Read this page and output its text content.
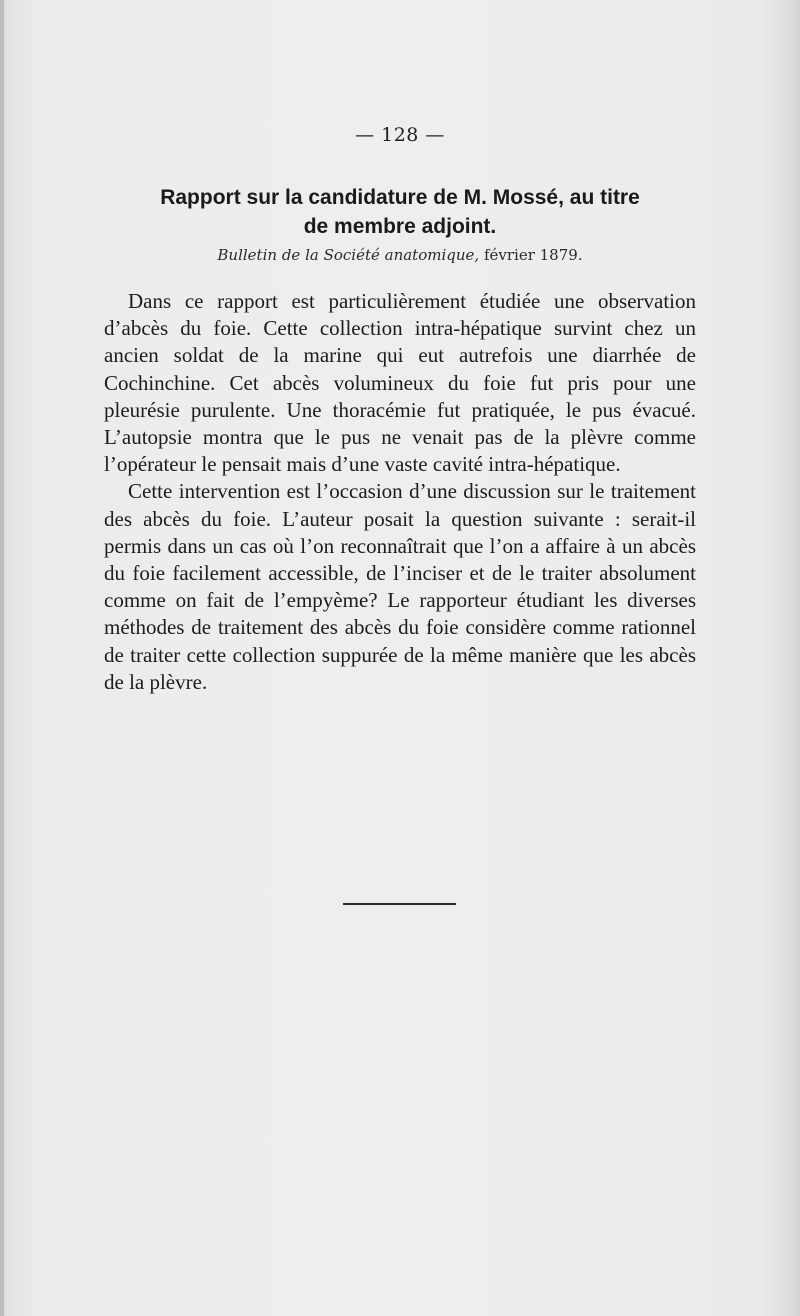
— 128 —
Rapport sur la candidature de M. Mossé, au titre
de membre adjoint.
Bulletin de la Société anatomique, février 1879.

Dans ce rapport est particulièrement étudiée une observation d’abcès du foie. Cette collection intra-hépatique survint chez un ancien soldat de la marine qui eut autrefois une diarrhée de Cochinchine. Cet abcès volumineux du foie fut pris pour une pleurésie purulente. Une thoracémie fut pratiquée, le pus évacué. L’autopsie montra que le pus ne venait pas de la plèvre comme l’opérateur le pensait mais d’une vaste cavité intra-hépatique.

Cette intervention est l’occasion d’une discussion sur le traitement des abcès du foie. L’auteur posait la question suivante : serait-il permis dans un cas où l’on reconnaîtrait que l’on a affaire à un abcès du foie facilement accessible, de l’inciser et de le traiter absolument comme on fait de l’empyème? Le rapporteur étudiant les diverses méthodes de traitement des abcès du foie considère comme rationnel de traiter cette collection suppurée de la même manière que les abcès de la plèvre.
